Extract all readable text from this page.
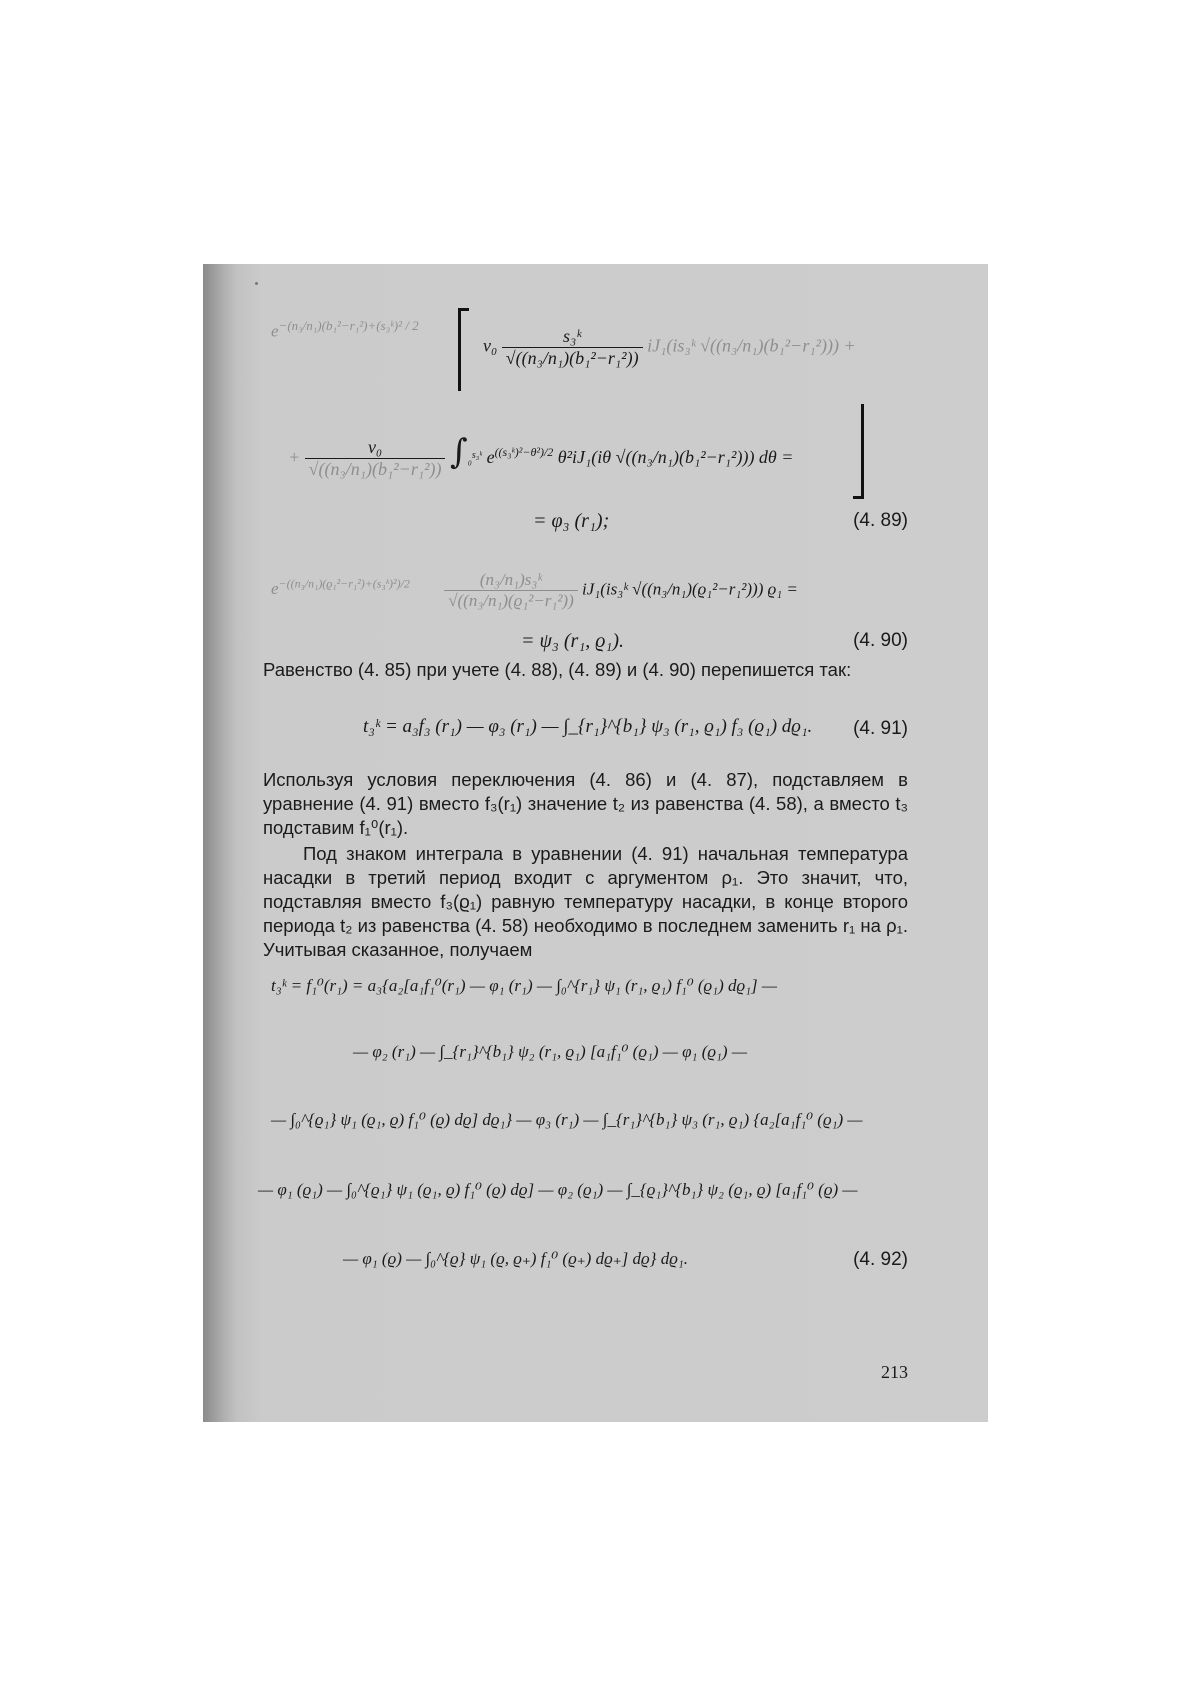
$e^{-(n_3/n_1)(b_1^2-r_1^2)+(s_3ᵏ)^2 / 2}$
$\nu_0 \frac{\text{s₃ᵏ}}{\text{√((n₃/n₁)(b₁²−r₁²))}}$ iJ₁(is₃ᵏ √((n₃/n₁)(b₁²−r₁²))) +
+ $\frac{\text{ν₀}}{\text{√((n₃/n₁)(b₁²−r₁²))}} \int_0^{s_3ᵏ}$ $e^{((s_3ᵏ)^2-\theta^2)/2}$ θ²iJ₁(iθ √((n₃/n₁)(b₁²−r₁²))) dθ =
= φ₃ (r₁);	(4. 89)
$e^{-((n_3/n_1)(ϱ_1^2-r_1^2)+(s_3ᵏ)^2)/2} \frac{\text{(n₃/n₁)s₃ᵏ}}{\text{√((n₃/n₁)(ϱ₁²−r₁²))}}$ iJ₁(is₃ᵏ √((n₃/n₁)(ϱ₁²−r₁²))) ϱ₁ =
= ψ₃ (r₁, ϱ₁).	(4. 90)
Равенство (4. 85) при учете (4. 88), (4. 89) и (4. 90) перепишется так:
t₃ᵏ = a₃f₃ (r₁) — φ₃ (r₁) — ∫_{r₁}^{b₁} ψ₃ (r₁, ϱ₁) f₃ (ϱ₁) dϱ₁.	(4. 91)
Используя условия переключения (4. 86) и (4. 87), подставляем в уравнение (4. 91) вместо f₃(r₁) значение t₂ из равенства (4. 58), а вместо t₃ подставим f₁⁰(r₁).
Под знаком интеграла в уравнении (4. 91) начальная температура насадки в третий период входит с аргументом ρ₁. Это значит, что, подставляя вместо f₃(ϱ₁) равную температуру насадки, в конце второго периода t₂ из равенства (4. 58) необходимо в последнем заменить r₁ на ρ₁. Учитывая сказанное, получаем
t₃ᵏ = f₁⁰(r₁) = a₃{a₂[a₁f₁⁰(r₁) — φ₁ (r₁) — ∫₀^{r₁} ψ₁ (r₁, ϱ₁) f₁⁰ (ϱ₁) dϱ₁] —
— φ₂ (r₁) — ∫_{r₁}^{b₁} ψ₂ (r₁, ϱ₁) [a₁f₁⁰ (ϱ₁) — φ₁ (ϱ₁) —
— ∫₀^{ϱ₁} ψ₁ (ϱ₁, ϱ) f₁⁰ (ϱ) dϱ] dϱ₁} — φ₃ (r₁) — ∫_{r₁}^{b₁} ψ₃ (r₁, ϱ₁) {a₂[a₁f₁⁰ (ϱ₁) —
— φ₁ (ϱ₁) — ∫₀^{ϱ₁} ψ₁ (ϱ₁, ϱ) f₁⁰ (ϱ) dϱ] — φ₂ (ϱ₁) — ∫_{ϱ₁}^{b₁} ψ₂ (ϱ₁, ϱ) [a₁f₁⁰ (ϱ) —
— φ₁ (ϱ) — ∫₀^{ϱ} ψ₁ (ϱ, ϱ₊) f₁⁰ (ϱ₊) dϱ₊] dϱ} dϱ₁.	(4. 92)
213
